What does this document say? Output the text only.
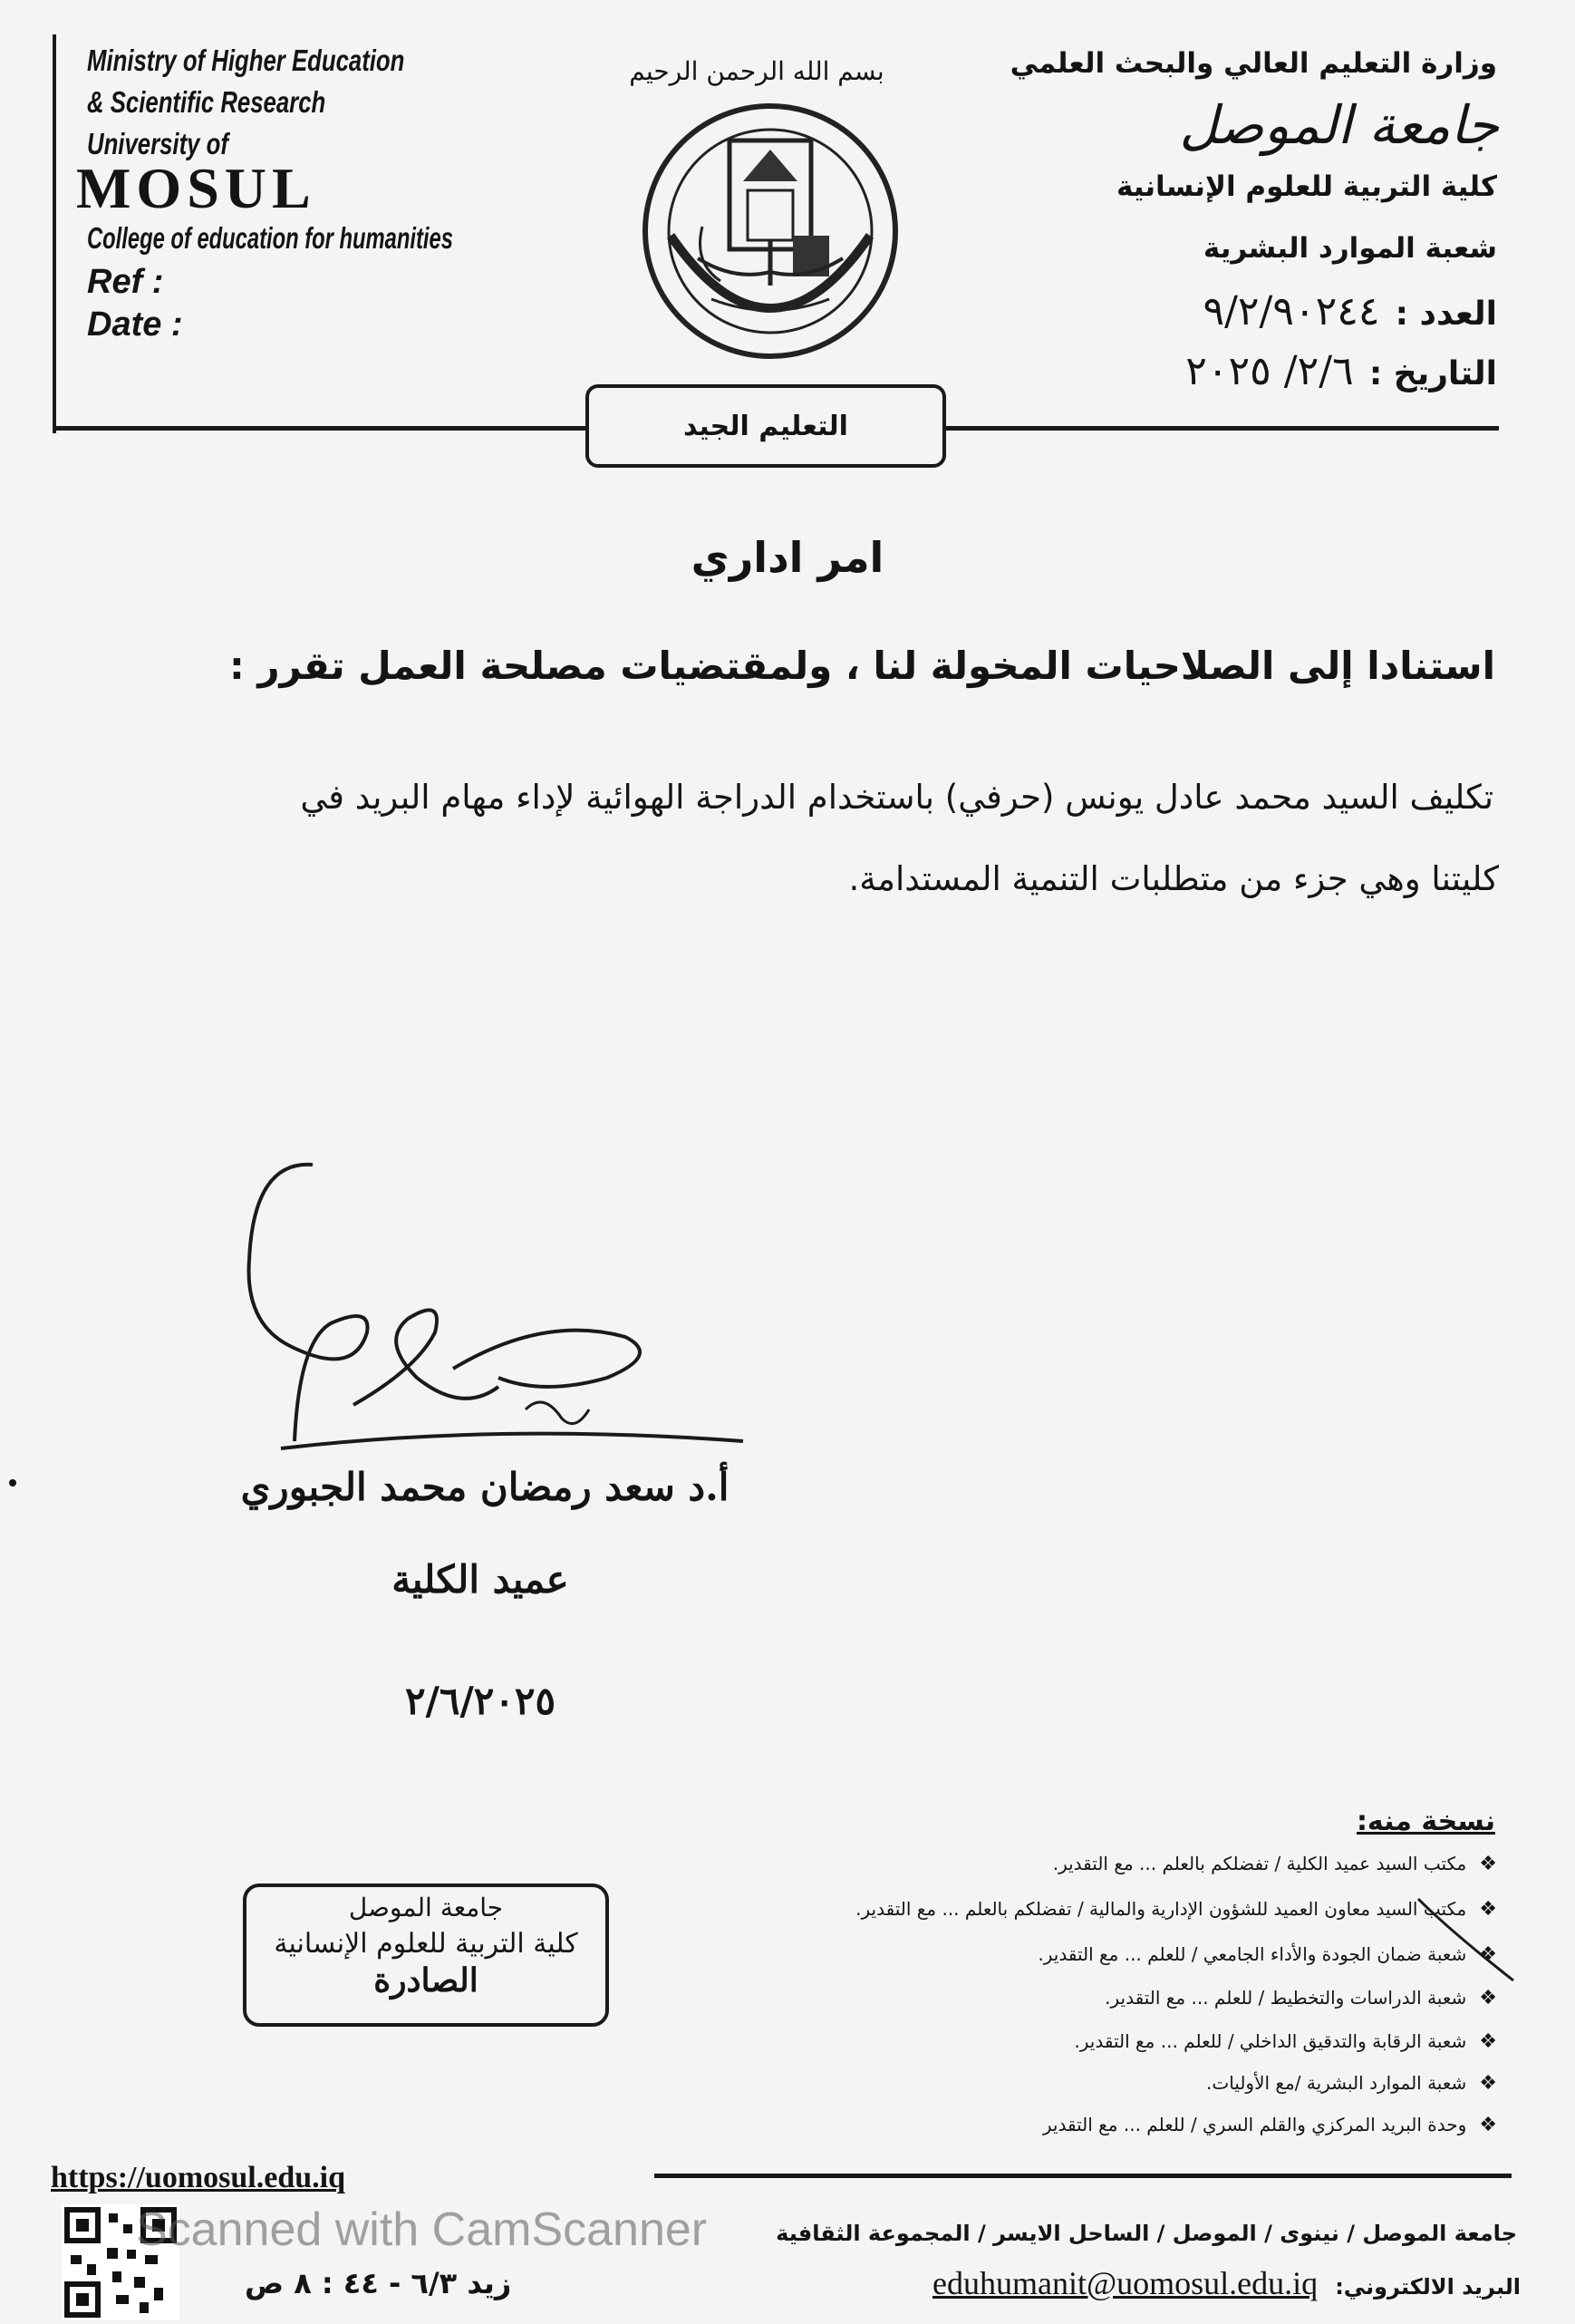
Ministry of Higher Education
& Scientific Research
University of
MOSUL
College of education for humanities
Ref :
Date :
بسم الله الرحمن الرحيم	وزارة التعليم العالي والبحث العلمي
جامعة الموصل
كلية التربية للعلوم الإنسانية
شعبة الموارد البشرية
العدد : ٩/٢/٩٠٢٤٤
التاريخ : ٢/٦/ ٢٠٢٥
التعليم الجيد
امر اداري
استنادا إلى الصلاحيات المخولة لنا ، ولمقتضيات مصلحة العمل تقرر :
تكليف السيد محمد عادل يونس (حرفي) باستخدام الدراجة الهوائية لإداء مهام البريد في
كليتنا وهي جزء من متطلبات التنمية المستدامة.
أ.د سعد رمضان محمد الجبوري
عميد الكلية
٢/٦/٢٠٢٥
جامعة الموصل
كلية التربية للعلوم الإنسانية
الصادرة
نسخة منه:
❖مكتب السيد عميد الكلية / تفضلكم بالعلم ... مع التقدير.
❖مكتب السيد معاون العميد للشؤون الإدارية والمالية / تفضلكم بالعلم ... مع التقدير.
❖شعبة ضمان الجودة والأداء الجامعي / للعلم ... مع التقدير.
❖شعبة الدراسات والتخطيط / للعلم ... مع التقدير.
❖شعبة الرقابة والتدقيق الداخلي / للعلم ... مع التقدير.
❖شعبة الموارد البشرية /مع الأوليات.
❖وحدة البريد المركزي والقلم السري / للعلم ... مع التقدير
https://uomosul.edu.iq
جامعة الموصل / نينوى / الموصل / الساحل الايسر / المجموعة الثقافية
البريد الالكتروني: eduhumanit@uomosul.edu.iq
زيد ٦/٣ - ٤٤ : ٨ ص
Scanned with CamScanner
